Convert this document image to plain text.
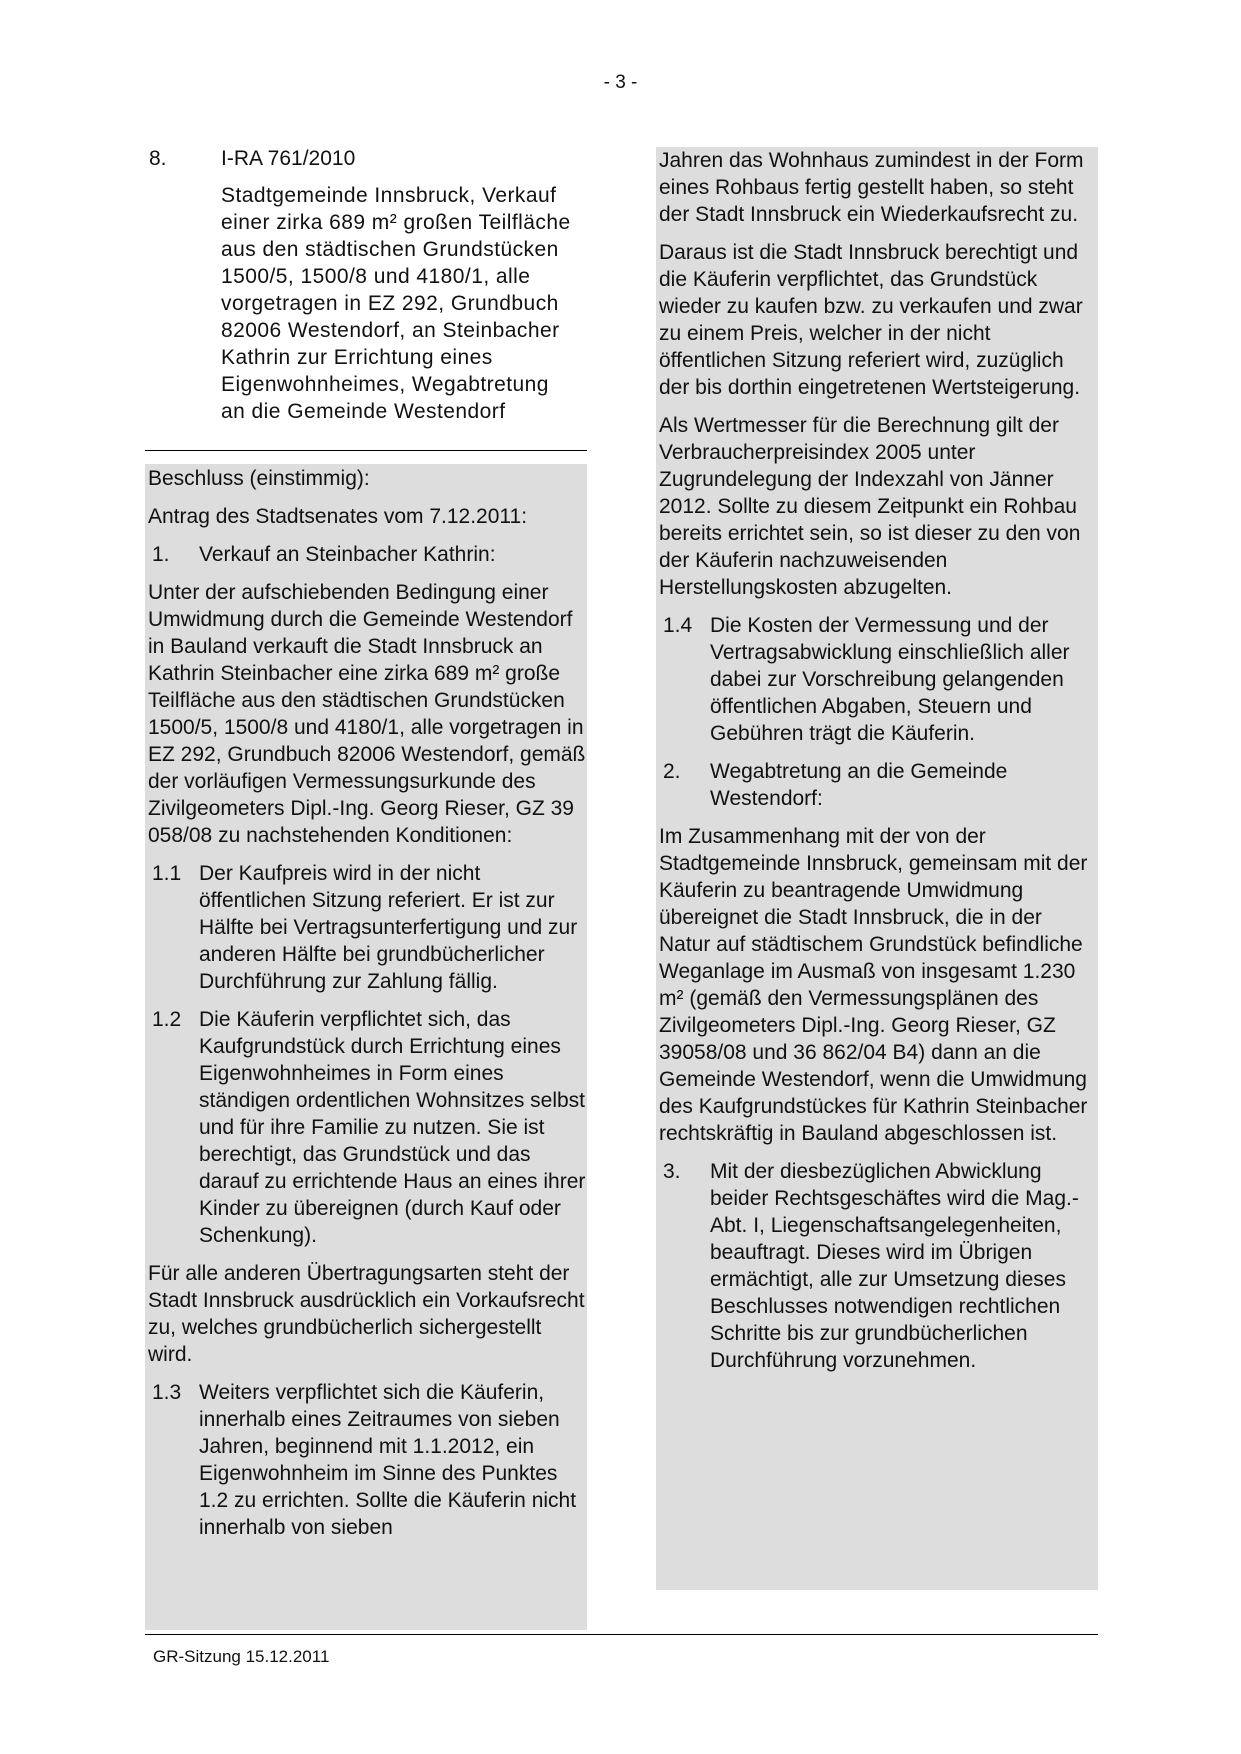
- 3 -
8.	I-RA 761/2010

Stadtgemeinde Innsbruck, Verkauf einer zirka 689 m² großen Teilfläche aus den städtischen Grundstücken 1500/5, 1500/8 und 4180/1, alle vorgetragen in EZ 292, Grundbuch 82006 Westendorf, an Steinbacher Kathrin zur Errichtung eines Eigenwohnheimes, Wegabtretung an die Gemeinde Westendorf

Beschluss (einstimmig):

Antrag des Stadtsenates vom 7.12.2011:

1. Verkauf an Steinbacher Kathrin:

Unter der aufschiebenden Bedingung einer Umwidmung durch die Gemeinde Westendorf in Bauland verkauft die Stadt Innsbruck an Kathrin Steinbacher eine zirka 689 m² große Teilfläche aus den städtischen Grundstücken 1500/5, 1500/8 und 4180/1, alle vorgetragen in EZ 292, Grundbuch 82006 Westendorf, gemäß der vorläufigen Vermessungsurkunde des Zivilgeometers Dipl.-Ing. Georg Rieser, GZ 39 058/08 zu nachstehenden Konditionen:

1.1 Der Kaufpreis wird in der nicht öffentlichen Sitzung referiert. Er ist zur Hälfte bei Vertragsunterfertigung und zur anderen Hälfte bei grundbücherlicher Durchführung zur Zahlung fällig.

1.2 Die Käuferin verpflichtet sich, das Kaufgrundstück durch Errichtung eines Eigenwohnheimes in Form eines ständigen ordentlichen Wohnsitzes selbst und für ihre Familie zu nutzen. Sie ist berechtigt, das Grundstück und das darauf zu errichtende Haus an eines ihrer Kinder zu übereignen (durch Kauf oder Schenkung).

Für alle anderen Übertragungsarten steht der Stadt Innsbruck ausdrücklich ein Vorkaufsrecht zu, welches grundbücherlich sichergestellt wird.

1.3 Weiters verpflichtet sich die Käuferin, innerhalb eines Zeitraumes von sieben Jahren, beginnend mit 1.1.2012, ein Eigenwohnheim im Sinne des Punktes 1.2 zu errichten. Sollte die Käuferin nicht innerhalb von sieben

Jahren das Wohnhaus zumindest in der Form eines Rohbaus fertig gestellt haben, so steht der Stadt Innsbruck ein Wiederkaufsrecht zu.

Daraus ist die Stadt Innsbruck berechtigt und die Käuferin verpflichtet, das Grundstück wieder zu kaufen bzw. zu verkaufen und zwar zu einem Preis, welcher in der nicht öffentlichen Sitzung referiert wird, zuzüglich der bis dorthin eingetretenen Wertsteigerung.

Als Wertmesser für die Berechnung gilt der Verbraucherpreisindex 2005 unter Zugrundelegung der Indexzahl von Jänner 2012. Sollte zu diesem Zeitpunkt ein Rohbau bereits errichtet sein, so ist dieser zu den von der Käuferin nachzuweisenden Herstellungskosten abzugelten.

1.4 Die Kosten der Vermessung und der Vertragsabwicklung einschließlich aller dabei zur Vorschreibung gelangenden öffentlichen Abgaben, Steuern und Gebühren trägt die Käuferin.

2. Wegabtretung an die Gemeinde Westendorf:

Im Zusammenhang mit der von der Stadtgemeinde Innsbruck, gemeinsam mit der Käuferin zu beantragende Umwidmung übereignet die Stadt Innsbruck, die in der Natur auf städtischem Grundstück befindliche Weganlage im Ausmaß von insgesamt 1.230 m² (gemäß den Vermessungsplänen des Zivilgeometers Dipl.-Ing. Georg Rieser, GZ 39058/08 und 36 862/04 B4) dann an die Gemeinde Westendorf, wenn die Umwidmung des Kaufgrundstückes für Kathrin Steinbacher rechtskräftig in Bauland abgeschlossen ist.

3. Mit der diesbezüglichen Abwicklung beider Rechtsgeschäftes wird die Mag.-Abt. I, Liegenschaftsangelegenheiten, beauftragt. Dieses wird im Übrigen ermächtigt, alle zur Umsetzung dieses Beschlusses notwendigen rechtlichen Schritte bis zur grundbücherlichen Durchführung vorzunehmen.

GR-Sitzung 15.12.2011
